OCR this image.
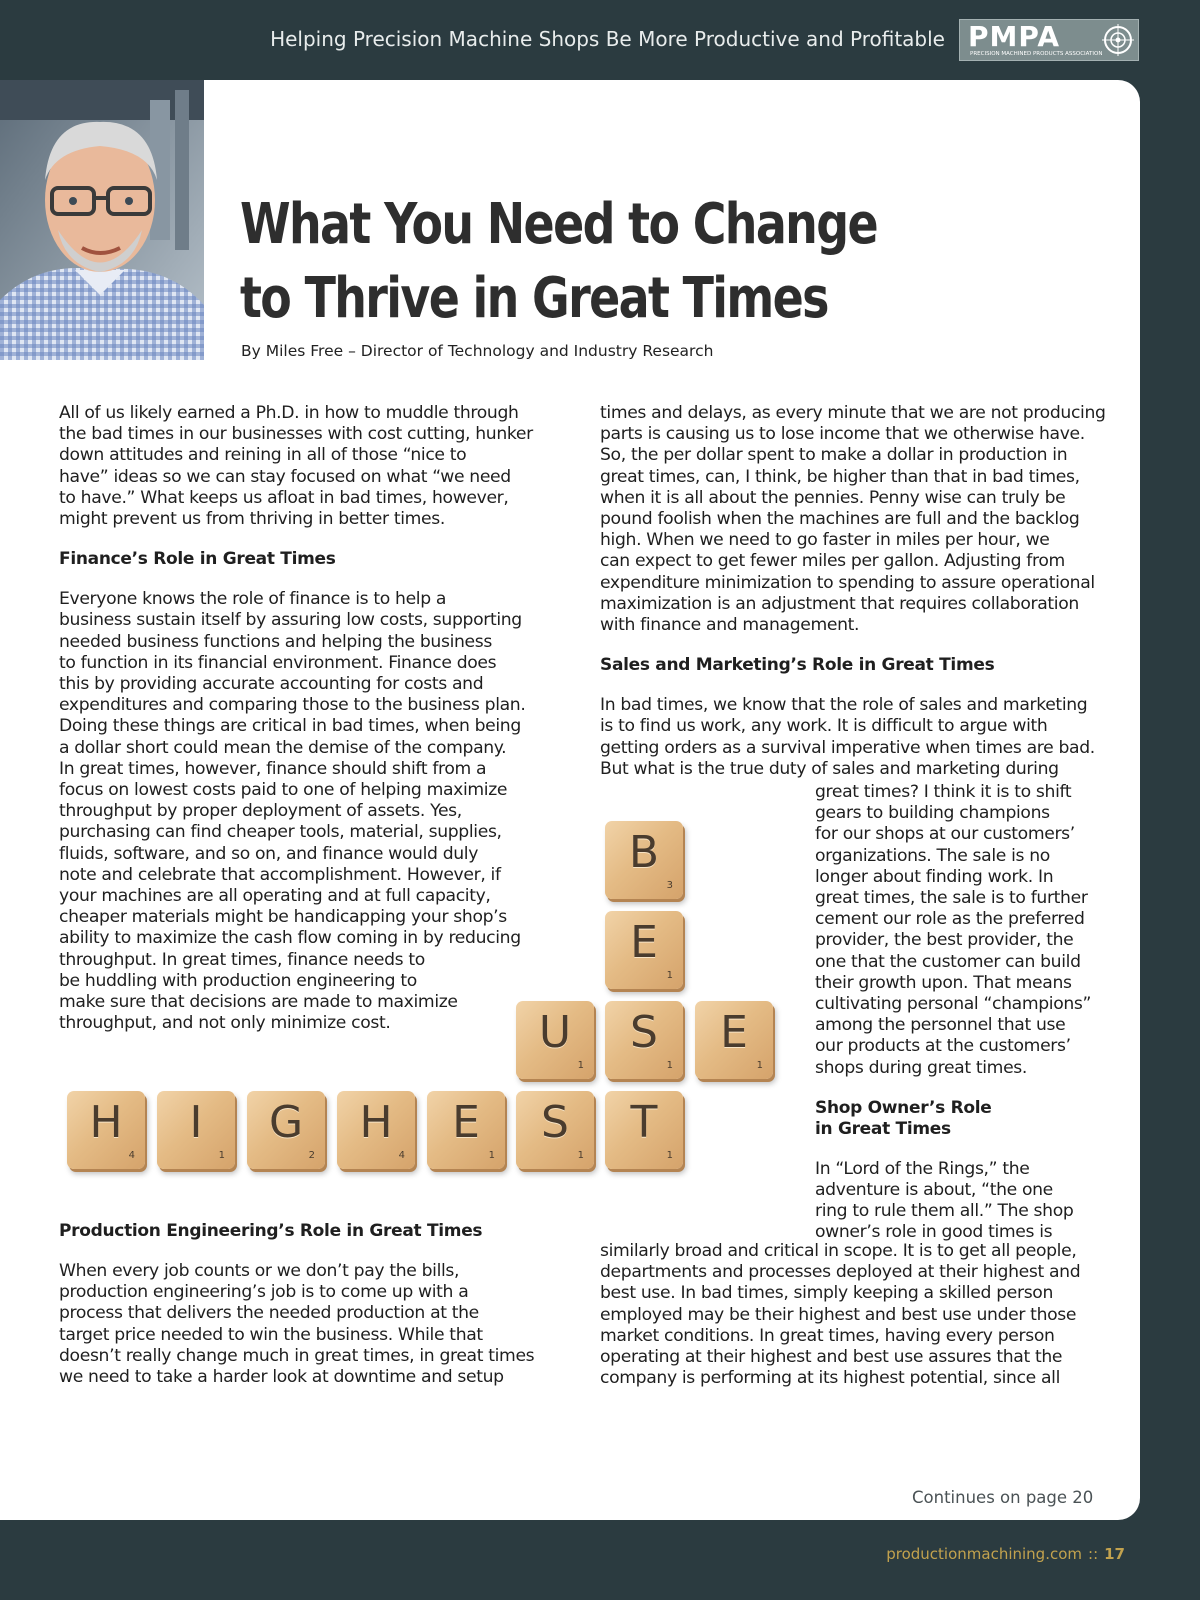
Helping Precision Machine Shops Be More Productive and Profitable PMPA
PRECISION MACHINED PRODUCTS ASSOCIATION
What You Need to Change
to Thrive in Great Times
By Miles Free – Director of Technology and Industry Research

All of us likely earned a Ph.D. in how to muddle through
the bad times in our businesses with cost cutting, hunker
down attitudes and reining in all of those “nice to
have” ideas so we can stay focused on what “we need
to have.” What keeps us afloat in bad times, however,
might prevent us from thriving in better times.

Finance’s Role in Great Times

Everyone knows the role of finance is to help a
business sustain itself by assuring low costs, supporting
needed business functions and helping the business
to function in its financial environment. Finance does
this by providing accurate accounting for costs and
expenditures and comparing those to the business plan.
Doing these things are critical in bad times, when being
a dollar short could mean the demise of the company.
In great times, however, finance should shift from a
focus on lowest costs paid to one of helping maximize
throughput by proper deployment of assets. Yes,
purchasing can find cheaper tools, material, supplies,
fluids, software, and so on, and finance would duly
note and celebrate that accomplishment. However, if
your machines are all operating and at full capacity,
cheaper materials might be handicapping your shop’s
ability to maximize the cash flow coming in by reducing
throughput. In great times, finance needs to
be huddling with production engineering to
make sure that decisions are made to maximize
throughput, and not only minimize cost.

Production Engineering’s Role in Great Times

When every job counts or we don’t pay the bills,
production engineering’s job is to come up with a
process that delivers the needed production at the
target price needed to win the business. While that
doesn’t really change much in great times, in great times
we need to take a harder look at downtime and setup

times and delays, as every minute that we are not producing
parts is causing us to lose income that we otherwise have.
So, the per dollar spent to make a dollar in production in
great times, can, I think, be higher than that in bad times,
when it is all about the pennies. Penny wise can truly be
pound foolish when the machines are full and the backlog
high. When we need to go faster in miles per hour, we
can expect to get fewer miles per gallon. Adjusting from
expenditure minimization to spending to assure operational
maximization is an adjustment that requires collaboration
with finance and management.

Sales and Marketing’s Role in Great Times

In bad times, we know that the role of sales and marketing
is to find us work, any work. It is difficult to argue with
getting orders as a survival imperative when times are bad.
But what is the true duty of sales and marketing during

great times? I think it is to shift
gears to building champions
for our shops at our customers’
organizations. The sale is no
longer about finding work. In
great times, the sale is to further
cement our role as the preferred
provider, the best provider, the
one that the customer can build
their growth upon. That means
cultivating personal “champions”
among the personnel that use
our products at the customers’
shops during great times.

Shop Owner’s Role
in Great Times

In “Lord of the Rings,” the
adventure is about, “the one
ring to rule them all.” The shop
owner’s role in good times is

similarly broad and critical in scope. It is to get all people,
departments and processes deployed at their highest and
best use. In bad times, simply keeping a skilled person
employed may be their highest and best use under those
market conditions. In great times, having every person
operating at their highest and best use assures that the
company is performing at its highest potential, since all

B
3
E
1
U
1
S
1
E
1
H
4
I
1
G
2
H
4
E
1
S
1
T
1
Continues on page 20
productionmachining.com :: 17
